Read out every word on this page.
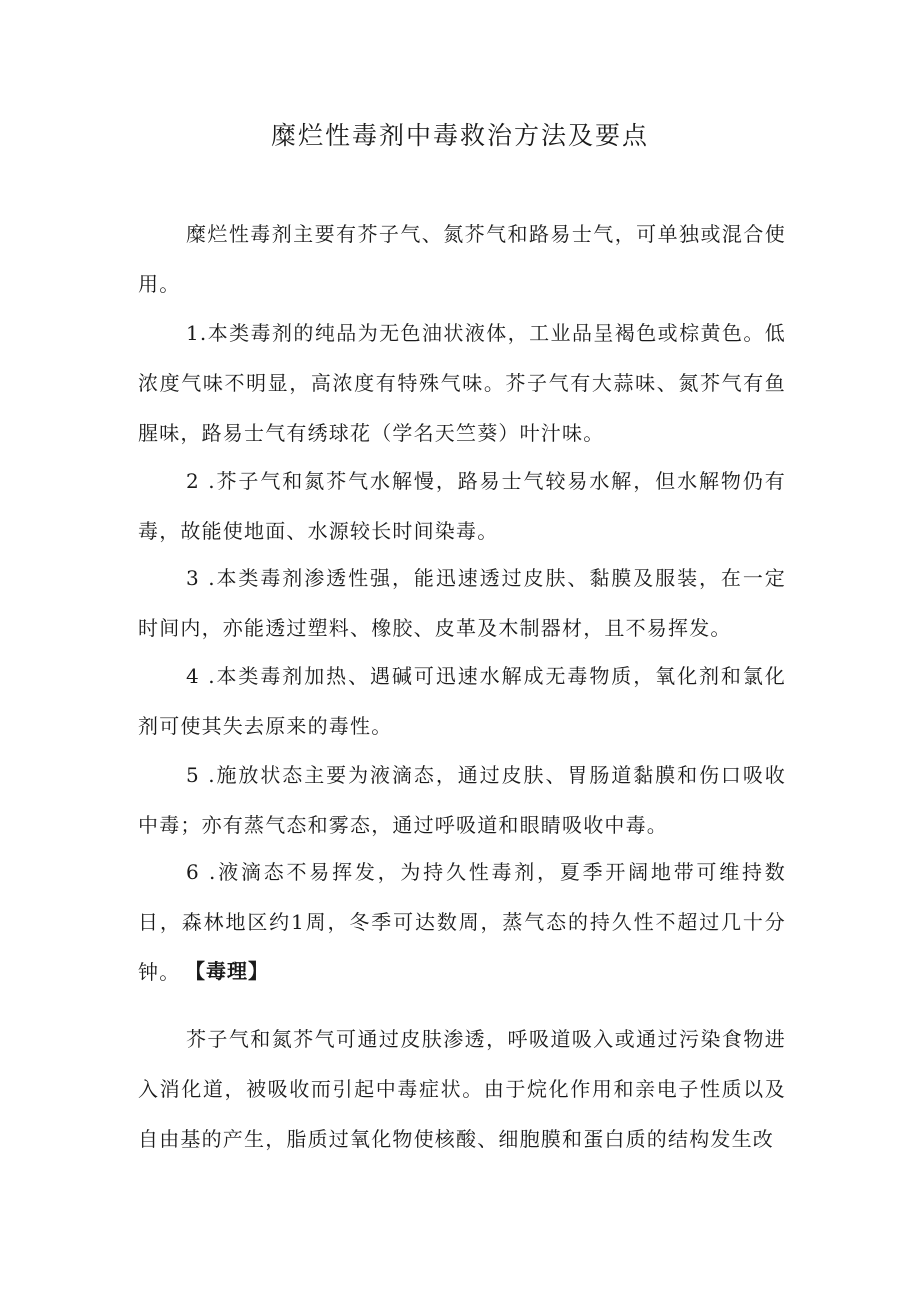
糜烂性毒剂中毒救治方法及要点

糜烂性毒剂主要有芥子气、氮芥气和路易士气，可单独或混合使用。

1.本类毒剂的纯品为无色油状液体，工业品呈褐色或棕黄色。低浓度气味不明显，高浓度有特殊气味。芥子气有大蒜味、氮芥气有鱼腥味，路易士气有绣球花（学名天竺葵）叶汁味。

2 .芥子气和氮芥气水解慢，路易士气较易水解，但水解物仍有毒，故能使地面、水源较长时间染毒。

3 .本类毒剂渗透性强，能迅速透过皮肤、黏膜及服装，在一定时间内，亦能透过塑料、橡胶、皮革及木制器材，且不易挥发。

4 .本类毒剂加热、遇碱可迅速水解成无毒物质，氧化剂和氯化剂可使其失去原来的毒性。

5 .施放状态主要为液滴态，通过皮肤、胃肠道黏膜和伤口吸收中毒；亦有蒸气态和雾态，通过呼吸道和眼睛吸收中毒。

6 .液滴态不易挥发，为持久性毒剂，夏季开阔地带可维持数日，森林地区约1周，冬季可达数周，蒸气态的持久性不超过几十分钟。 【毒理】

芥子气和氮芥气可通过皮肤渗透，呼吸道吸入或通过污染食物进入消化道，被吸收而引起中毒症状。由于烷化作用和亲电子性质以及自由基的产生，脂质过氧化物使核酸、细胞膜和蛋白质的结构发生改
